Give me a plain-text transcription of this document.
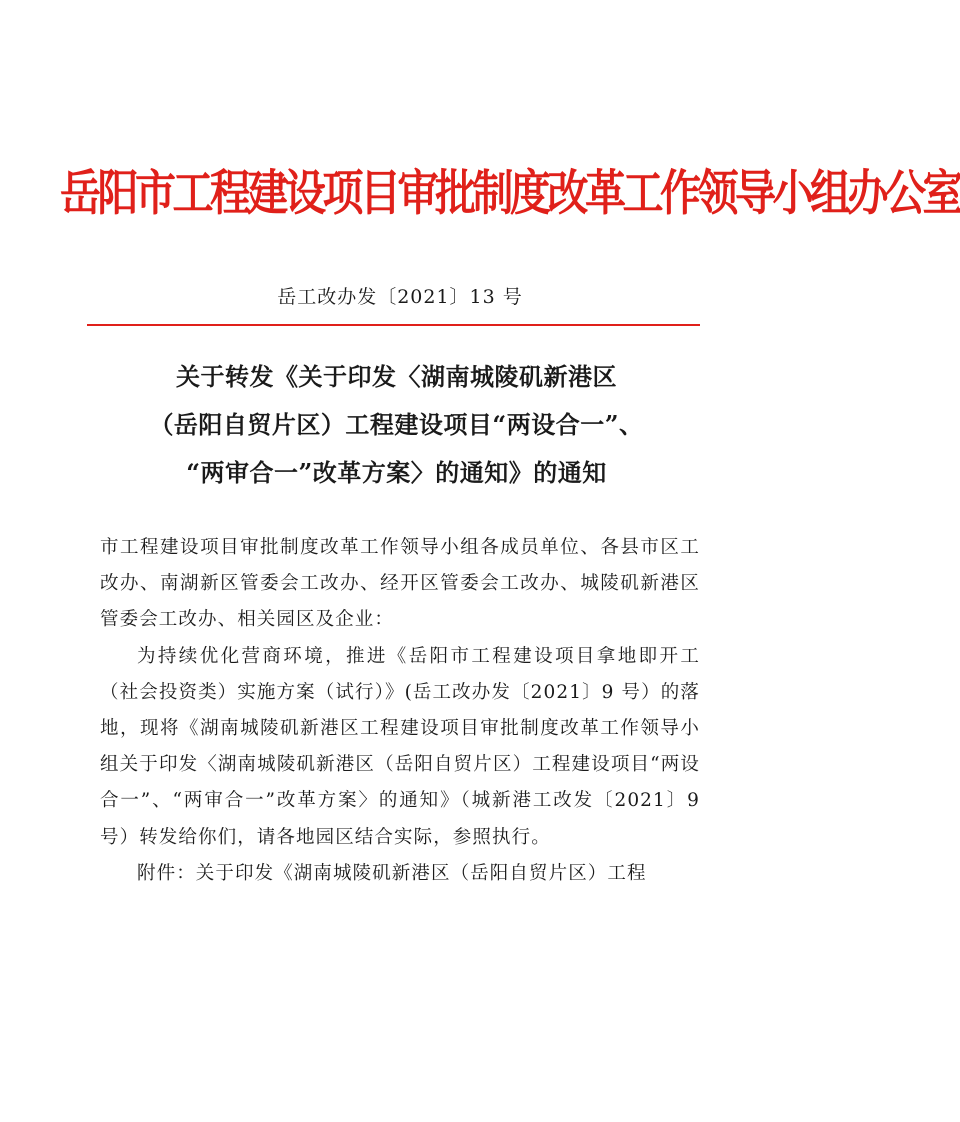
岳阳市工程建设项目审批制度改革工作领导小组办公室
岳工改办发〔2021〕13 号
关于转发《关于印发〈湖南城陵矶新港区
（岳阳自贸片区）工程建设项目“两设合一”、
“两审合一”改革方案〉的通知》的通知

市工程建设项目审批制度改革工作领导小组各成员单位、各县市区工改办、南湖新区管委会工改办、经开区管委会工改办、城陵矶新港区管委会工改办、相关园区及企业：

为持续优化营商环境，推进《岳阳市工程建设项目拿地即开工（社会投资类）实施方案（试行）》(岳工改办发〔2021〕9 号）的落地，现将《湖南城陵矶新港区工程建设项目审批制度改革工作领导小组关于印发〈湖南城陵矶新港区（岳阳自贸片区）工程建设项目“两设合一”、“两审合一”改革方案〉的通知》（城新港工改发〔2021〕9 号）转发给你们，请各地园区结合实际，参照执行。

附件：关于印发《湖南城陵矶新港区（岳阳自贸片区）工程
